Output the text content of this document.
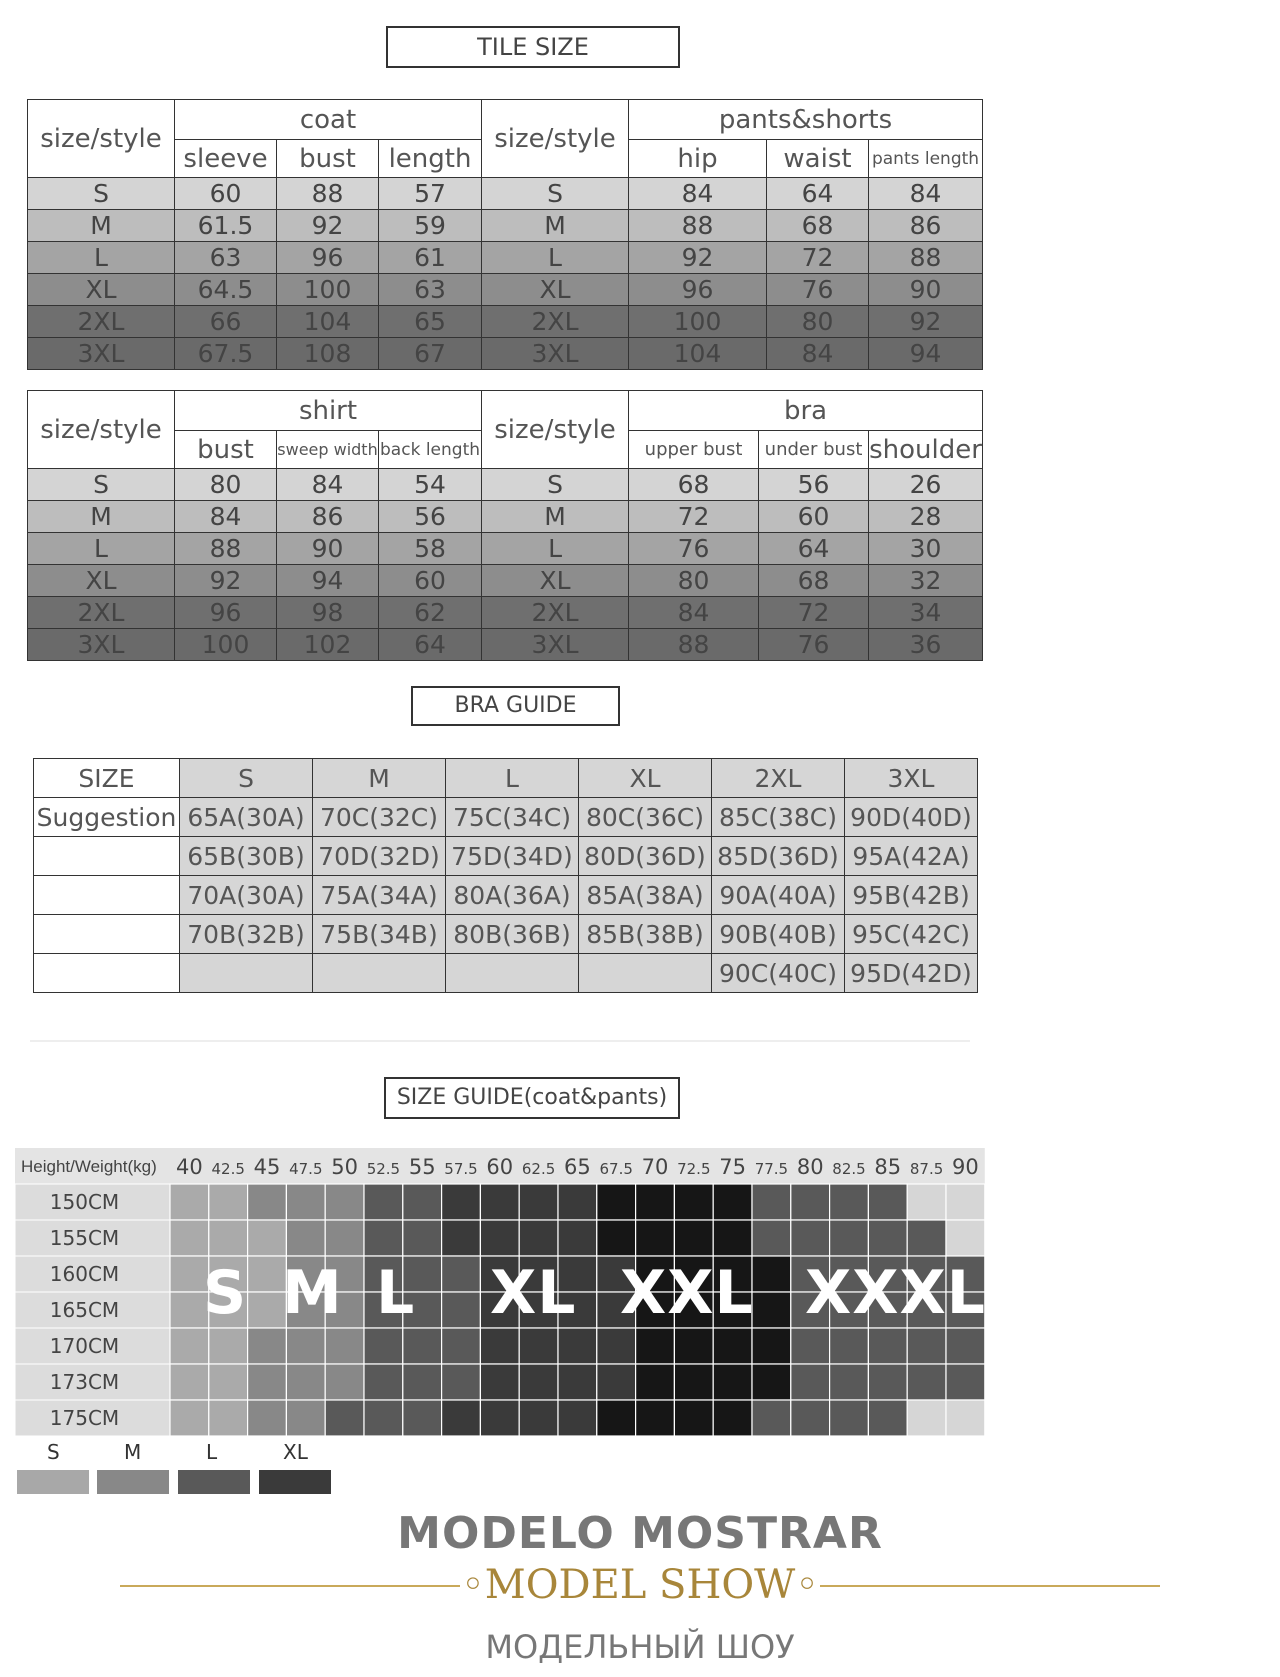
TILE SIZE
size/style	coat			size/style	pants&shorts		
	sleeve	bust	length		hip	waist	pants length
S	60	88	57	S	84	64	84
M	61.5	92	59	M	88	68	86
L	63	96	61	L	92	72	88
XL	64.5	100	63	XL	96	76	90
2XL	66	104	65	2XL	100	80	92
3XL	67.5	108	67	3XL	104	84	94
size/style	shirt			size/style	bra		
	bust	sweep width	back length		upper bust	under bust	shoulder
S	80	84	54	S	68	56	26
M	84	86	56	M	72	60	28
L	88	90	58	L	76	64	30
XL	92	94	60	XL	80	68	32
2XL	96	98	62	2XL	84	72	34
3XL	100	102	64	3XL	88	76	36
BRA GUIDE
SIZE	S	M	L	XL	2XL	3XL
Suggestion	65A(30A)	70C(32C)	75C(34C)	80C(36C)	85C(38C)	90D(40D)
	65B(30B)	70D(32D)	75D(34D)	80D(36D)	85D(36D)	95A(42A)
	70A(30A)	75A(34A)	80A(36A)	85A(38A)	90A(40A)	95B(42B)
	70B(32B)	75B(34B)	80B(36B)	85B(38B)	90B(40B)	95C(42C)
					90C(40C)	95D(42D)
SIZE GUIDE(coat&pants)
Height/Weight(kg) 40 42.5 45 47.5 50 52.5 55 57.5 60 62.5 65 67.5 70 72.5 75 77.5 80 82.5 85 87.5 90
150CM
155CM
160CM
165CM
170CM
173CM
175CM
S M L XL XXL XXXL
S	M	L	XL
MODELO MOSTRAR
◦MODEL SHOW◦
МОДЕЛЬНЫЙ ШОУ
